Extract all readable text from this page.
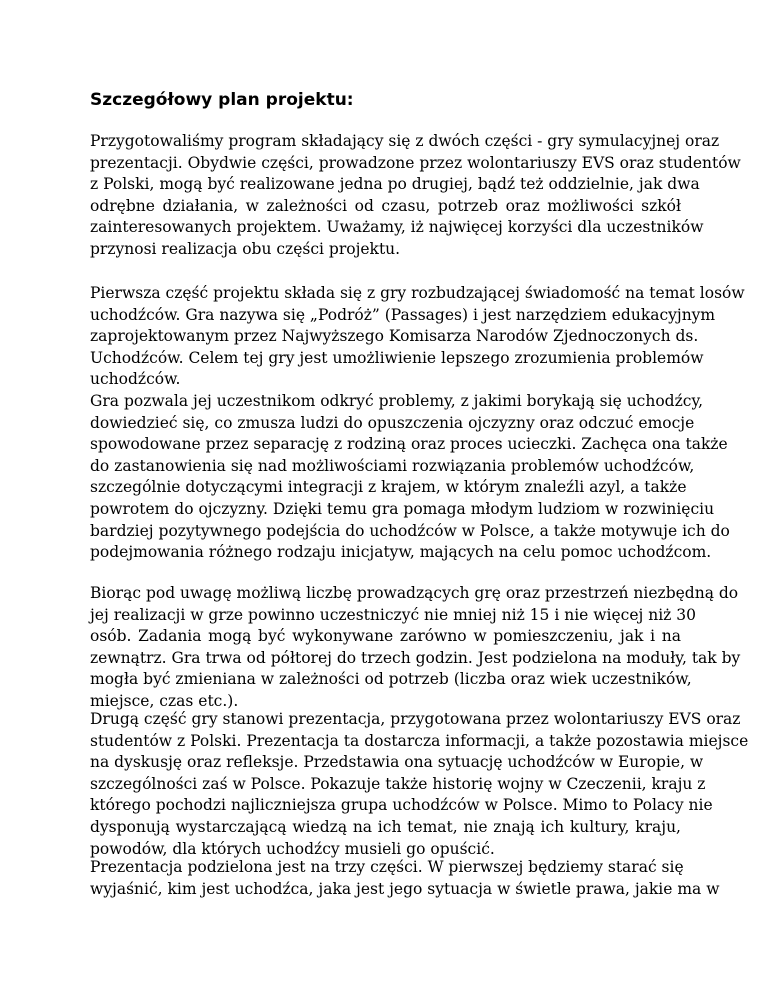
Szczegółowy plan projektu:

Przygotowaliśmy program składający się z dwóch części - gry symulacyjnej oraz
prezentacji. Obydwie części, prowadzone przez wolontariuszy EVS oraz studentów
z Polski, mogą być realizowane jedna po drugiej, bądź też oddzielnie, jak dwa
odrębne działania, w zależności od czasu, potrzeb oraz możliwości szkół
zainteresowanych projektem. Uważamy, iż najwięcej korzyści dla uczestników
przynosi realizacja obu części projektu.

Pierwsza część projektu składa się z gry rozbudzającej świadomość na temat losów
uchodźców. Gra nazywa się „Podróż” (Passages) i jest narzędziem edukacyjnym
zaprojektowanym przez Najwyższego Komisarza Narodów Zjednoczonych ds.
Uchodźców. Celem tej gry jest umożliwienie lepszego zrozumienia problemów
uchodźców.
Gra pozwala jej uczestnikom odkryć problemy, z jakimi borykają się uchodźcy,
dowiedzieć się, co zmusza ludzi do opuszczenia ojczyzny oraz odczuć emocje
spowodowane przez separację z rodziną oraz proces ucieczki. Zachęca ona także
do zastanowienia się nad możliwościami rozwiązania problemów uchodźców,
szczególnie dotyczącymi integracji z krajem, w którym znaleźli azyl, a także
powrotem do ojczyzny. Dzięki temu gra pomaga młodym ludziom w rozwinięciu
bardziej pozytywnego podejścia do uchodźców w Polsce, a także motywuje ich do
podejmowania różnego rodzaju inicjatyw, mających na celu pomoc uchodźcom.

Biorąc pod uwagę możliwą liczbę prowadzących grę oraz przestrzeń niezbędną do
jej realizacji w grze powinno uczestniczyć nie mniej niż 15 i nie więcej niż 30
osób. Zadania mogą być wykonywane zarówno w pomieszczeniu, jak i na
zewnątrz. Gra trwa od półtorej do trzech godzin. Jest podzielona na moduły, tak by
mogła być zmieniana w zależności od potrzeb (liczba oraz wiek uczestników,
miejsce, czas etc.).

Drugą część gry stanowi prezentacja, przygotowana przez wolontariuszy EVS oraz
studentów z Polski. Prezentacja ta dostarcza informacji, a także pozostawia miejsce
na dyskusję oraz refleksje. Przedstawia ona sytuację uchodźców w Europie, w
szczególności zaś w Polsce. Pokazuje także historię wojny w Czeczenii, kraju z
którego pochodzi najliczniejsza grupa uchodźców w Polsce. Mimo to Polacy nie
dysponują wystarczającą wiedzą na ich temat, nie znają ich kultury, kraju,
powodów, dla których uchodźcy musieli go opuścić.

Prezentacja podzielona jest na trzy części. W pierwszej będziemy starać się
wyjaśnić, kim jest uchodźca, jaka jest jego sytuacja w świetle prawa, jakie ma w
